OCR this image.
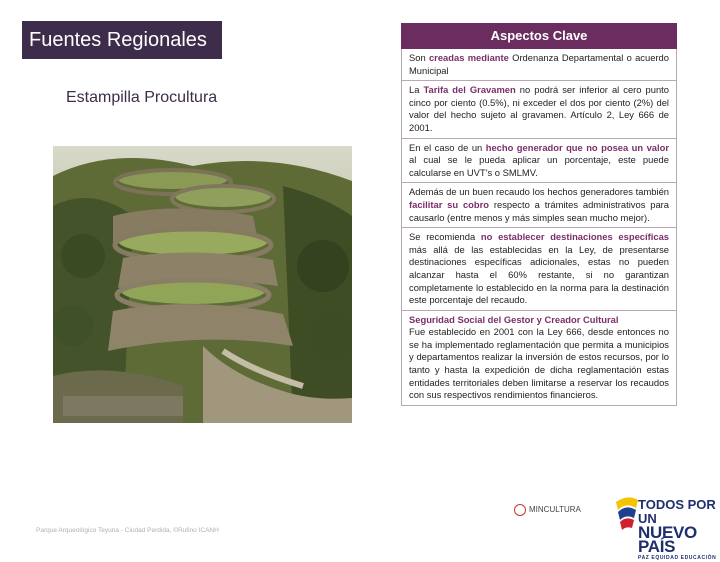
Fuentes Regionales
Estampilla Procultura
Parque Arqueológico Teyuna - Ciudad Perdida, ©Rufino ICANH
Aspectos Clave

Son creadas mediante Ordenanza Departamental o acuerdo Municipal

La Tarifa del Gravamen no podrá ser inferior al cero punto cinco por ciento (0.5%), ni exceder el dos por ciento (2%) del valor del hecho sujeto al gravamen. Artículo 2, Ley 666 de 2001.

En el caso de un hecho generador que no posea un valor al cual se le pueda aplicar un porcentaje, este puede calcularse en UVT’s o SMLMV.

Además de un buen recaudo los hechos generadores también facilitar su cobro respecto a trámites administrativos para causarlo (entre menos y más simples sean mucho mejor).

Se recomienda no establecer destinaciones específicas más allá de las establecidas en la Ley, de presentarse destinaciones específicas adicionales, estas no pueden alcanzar hasta el 60% restante, si no garantizan completamente lo establecido en la norma para la destinación este porcentaje del recaudo.

Seguridad Social del Gestor y Creador Cultural
Fue establecido en 2001 con la Ley 666, desde entonces no se ha implementado reglamentación que permita a municipios y departamentos realizar la inversión de estos recursos, por lo tanto y hasta la expedición de dicha reglamentación estas entidades territoriales deben limitarse a reservar los recaudos con sus respectivos rendimientos financieros.

MINCULTURA	TODOS POR UN
NUEVO PAÍS
PAZ EQUIDAD EDUCACIÓN
